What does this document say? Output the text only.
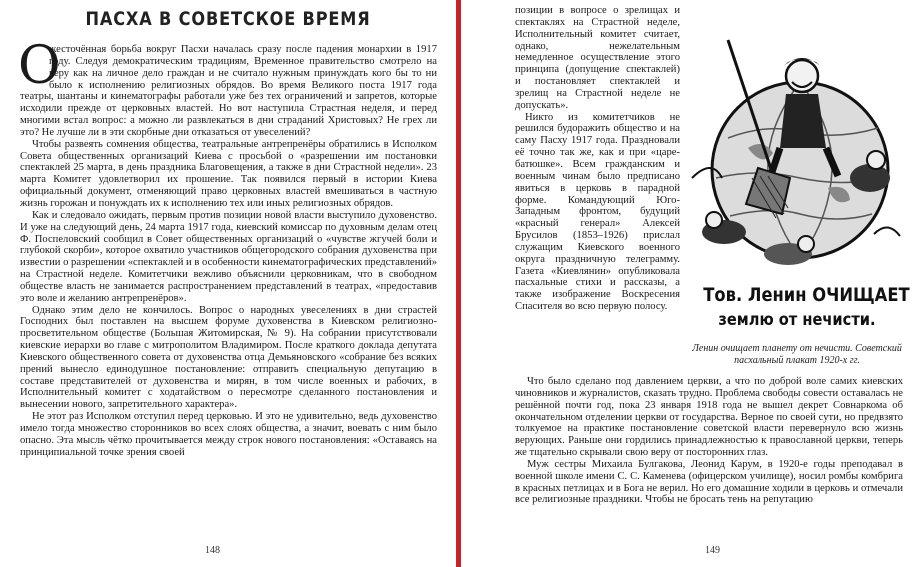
ПАСХА В СОВЕТСКОЕ ВРЕМЯ

О
жесточённая борьба вокруг Пасхи началась сразу после падения монархии в 1917 году. Следуя демократическим традициям, Временное правительство смотрело на веру как на личное дело граждан и не считало нужным принуждать кого бы то ни было к исполнению религиозных обрядов. Во время Великого поста 1917 года театры, шантаны и кинематографы работали уже без тех ограничений и запретов, которые исходили прежде от церковных властей. Но вот наступила Страстная неделя, и перед многими встал вопрос: а можно ли развлекаться в дни страданий Христовых? Не грех ли это? Не лучше ли в эти скорбные дни отказаться от увеселений?

Чтобы развеять сомнения общества, театральные антрепренёры обратились в Исполком Совета общественных организаций Киева с просьбой о «разрешении им постановки спектаклей 25 марта, в день праздника Благовещения, а также в дни Страстной недели». 23 марта Комитет удовлетворил их прошение. Так появился первый в истории Киева официальный документ, отменяющий право церковных властей вмешиваться в частную жизнь горожан и понуждать их к исполнению тех или иных религиозных обрядов.

Как и следовало ожидать, первым против позиции новой власти выступило духовенство. И уже на следующий день, 24 марта 1917 года, киевский комиссар по духовным делам отец Ф. Поспеловский сообщил в Совет общественных организаций о «чувстве жгучей боли и глубокой скорби», которое охватило участников общегородского собрания духовенства при известии о разрешении «спектаклей и в особенности кинематографических представлений» на Страстной неделе. Комитетчики вежливо объяснили церковникам, что в свободном обществе власть не занимается распространением представлений в театрах, «предоставив это воле и желанию антрепренёров».

Однако этим дело не кончилось. Вопрос о народных увеселениях в дни страстей Господних был поставлен на высшем форуме духовенства в Киевском религиозно-просветительном обществе (Большая Житомирская, № 9). На собрании присутствовали киевские иерархи во главе с митрополитом Владимиром. После краткого доклада депутата Киевского общественного совета от духовенства отца Демьяновского «собрание без всяких прений вынесло единодушное постановление: отправить специальную депутацию в составе представителей от духовенства и мирян, в том числе военных и рабочих, в Исполнительный комитет с ходатайством о пересмотре сделанного постановления и вынесении нового, запретительного характера».

Не этот раз Исполком отступил перед церковью. И это не удивительно, ведь духовенство имело тогда множество сторонников во всех слоях общества, а значит, воевать с ним было опасно. Эта мысль чётко прочитывается между строк нового постановления: «Оставаясь на принципиальной точке зрения своей

148

позиции в вопросе о зрелищах и спектаклях на Страстной неделе, Исполнительный комитет считает, однако, нежелательным немедленное осуществление этого принципа (допущение спектаклей) и постановляет спектаклей и зрелищ на Страстной неделе не допускать».

Никто из комитетчиков не решился будоражить общество и на саму Пасху 1917 года. Праздновали её точно так же, как и при «царе-батюшке». Всем гражданским и военным чинам было предписано явиться в церковь в парадной форме. Командующий Юго-Западным фронтом, будущий «красный генерал» Алексей Брусилов (1853–1926) прислал служащим Киевского военного округа праздничную телеграмму. Газета «Киевлянин» опубликовала пасхальные стихи и рассказы, а также изображение Воскресения Спасителя во всю первую полосу.

Тов. Ленин ОЧИЩАЕТ
землю от нечисти.
Ленин очищает планету от нечисти. Советский пасхальный плакат 1920-х гг.

Что было сделано под давлением церкви, а что по доброй воле самих киевских чиновников и журналистов, сказать трудно. Проблема свободы совести оставалась не решённой почти год, пока 23 января 1918 года не вышел декрет Совнаркома об окончательном отделении церкви от государства. Верное по своей сути, но предвзято толкуемое на практике постановление советской власти перевернуло всю жизнь верующих. Раньше они гордились принадлежностью к православной церкви, теперь же тщательно скрывали свою веру от посторонних глаз.

Муж сестры Михаила Булгакова, Леонид Карум, в 1920-е годы преподавал в военной школе имени С. С. Каменева (офицерском училище), носил ромбы комбрига в красных петлицах и в Бога не верил. Но его домашние ходили в церковь и отмечали все религиозные праздники. Чтобы не бросать тень на репутацию

149
